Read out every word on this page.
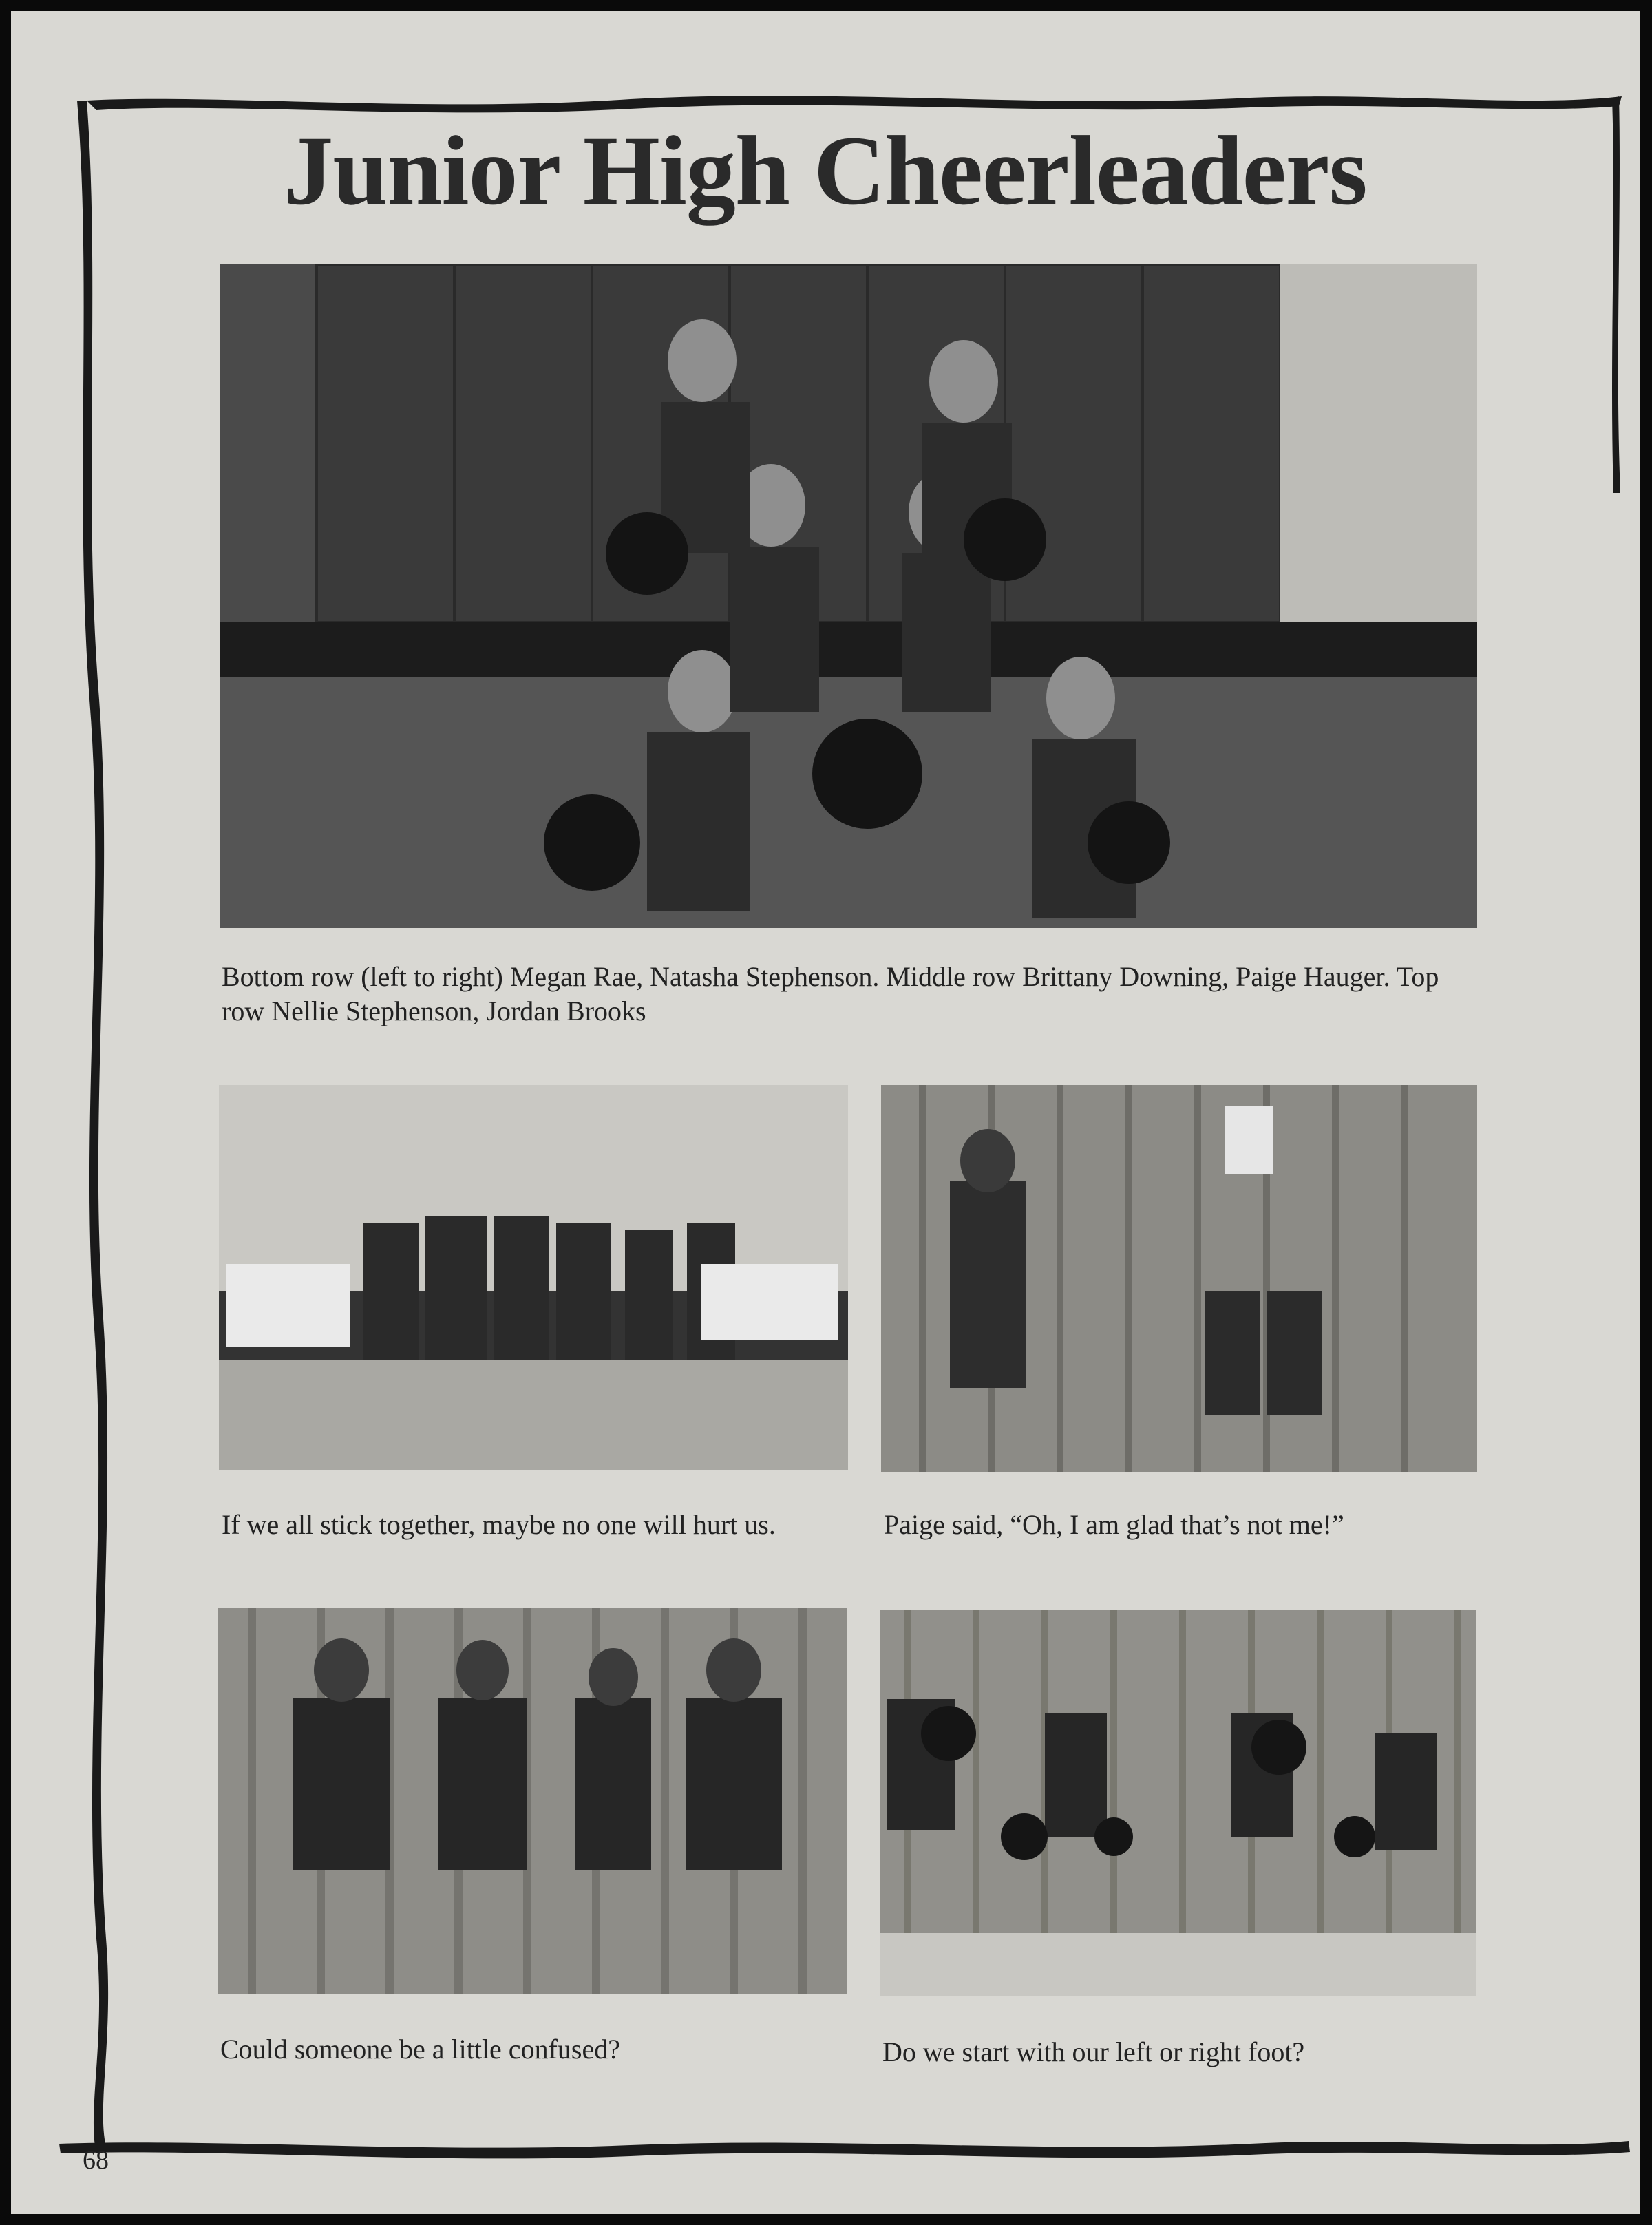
Junior High Cheerleaders
Bottom row (left to right) Megan Rae, Natasha Stephenson. Middle row Brittany Downing, Paige Hauger. Top row Nellie Stephenson, Jordan Brooks
If we all stick together, maybe no one will hurt us.	Paige said, “Oh, I am glad that’s not me!”
Could someone be a little confused?	Do we start with our left or right foot?
68
